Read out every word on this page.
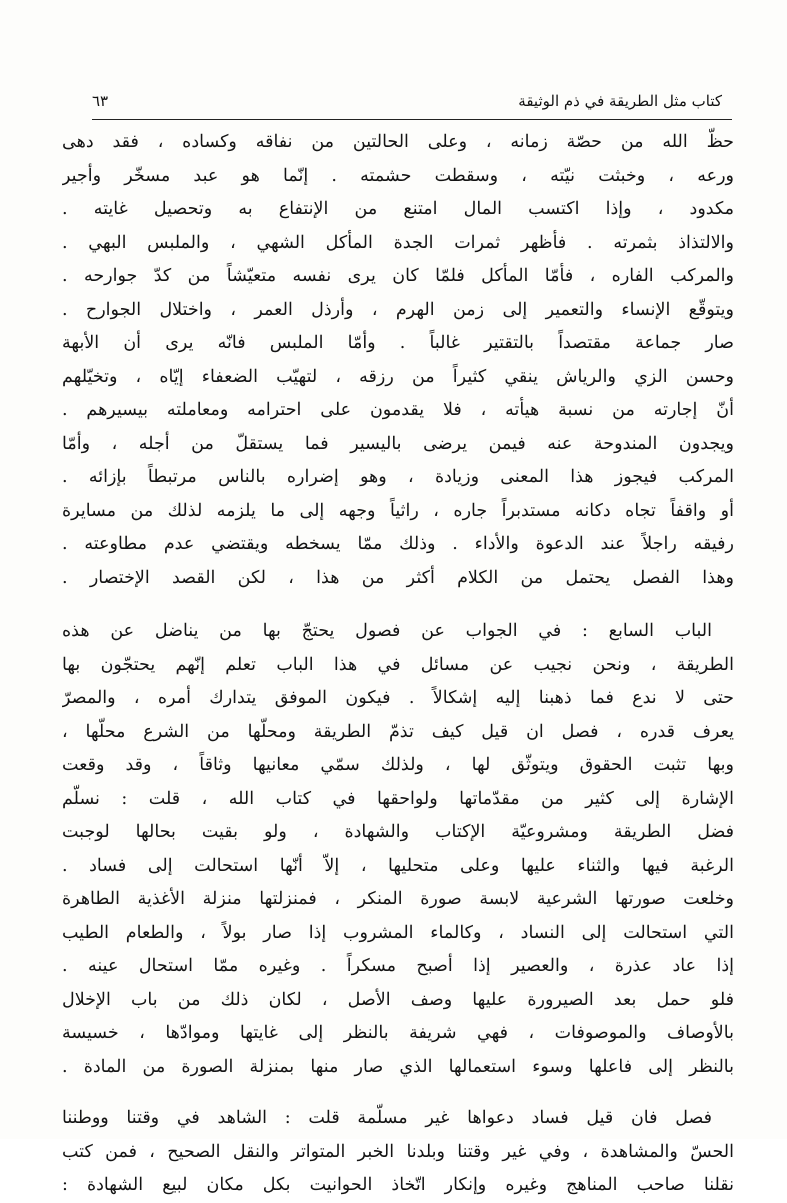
كتاب مثل الطريقة في ذم الوثيقة
٦٣
حظّ الله من حصّة زمانه ، وعلى الحالتين من نفاقه وكساده ، فقد دهى
ورعه ، وخبثت نيّته ، وسقطت حشمته . إنّما هو عبد مسخّر وأجير
مكدود ، وإذا اكتسب المال امتنع من الإنتفاع به وتحصيل غايته .
والالتذاذ بثمرته . فأظهر ثمرات الجدة المأكل الشهي ، والملبس البهي .
والمركب الفاره ، فأمّا المأكل فلمّا كان يرى نفسه متعيّشاً من كدّ جوارحه .
ويتوقّع الإنساء والتعمير إلى زمن الهرم ، وأرذل العمر ، واختلال الجوارح .
صار جماعة مقتصداً بالتقتير غالباً . وأمّا الملبس فانّه يرى أن الأبهة
وحسن الزي والرياش ينقي كثيراً من رزقه ، لتهيّب الضعفاء إيّاه ، وتخيّلهم
أنّ إجارته من نسبة هيأته ، فلا يقدمون على احترامه ومعاملته بيسيرهم .
ويجدون المندوحة عنه فيمن يرضى باليسير فما يستقلّ من أجله ، وأمّا
المركب فيجوز هذا المعنى وزيادة ، وهو إضراره بالناس مرتبطاً بإزائه .
أو واقفاً تجاه دكانه مستدبراً جاره ، راثياً وجهه إلى ما يلزمه لذلك من مسايرة
رفيقه راجلاً عند الدعوة والأداء . وذلك ممّا يسخطه ويقتضي عدم مطاوعته .
وهذا الفصل يحتمل من الكلام أكثر من هذا ، لكن القصد الإختصار .
الباب السابع : في الجواب عن فصول يحتجّ بها من يناضل عن هذه
الطريقة ، ونحن نجيب عن مسائل في هذا الباب تعلم إنّهم يحتجّون بها
حتى لا ندع فما ذهبنا إليه إشكالاً . فيكون الموفق يتدارك أمره ، والمصرّ
يعرف قدره ، فصل ان قيل كيف تذمّ الطريقة ومحلّها من الشرع محلّها ،
وبها تثبت الحقوق ويتوثّق لها ، ولذلك سمّي معانيها وثاقاً ، وقد وقعت
الإشارة إلى كثير من مقدّماتها ولواحقها في كتاب الله ، قلت : نسلّم
فضل الطريقة ومشروعيّة الإكتاب والشهادة ، ولو بقيت بحالها لوجبت
الرغبة فيها والثناء عليها وعلى متحليها ، إلاّ أنّها استحالت إلى فساد .
وخلعت صورتها الشرعية لابسة صورة المنكر ، فمنزلتها منزلة الأغذية الطاهرة
التي استحالت إلى النساد ، وكالماء المشروب إذا صار بولاً ، والطعام الطيب
إذا عاد عذرة ، والعصير إذا أصبح مسكراً . وغيره ممّا استحال عينه .
فلو حمل بعد الصيرورة عليها وصف الأصل ، لكان ذلك من باب الإخلال
بالأوصاف والموصوفات ، فهي شريفة بالنظر إلى غايتها وموادّها ، خسيسة
بالنظر إلى فاعلها وسوء استعمالها الذي صار منها بمنزلة الصورة من المادة .
فصل فان قيل فساد دعواها غير مسلّمة قلت : الشاهد في وقتنا ووطننا
الحسّ والمشاهدة ، وفي غير وقتنا وبلدنا الخبر المتواتر والنقل الصحيح ، فمن كتب
نقلنا صاحب المناهج وغيره وإنكار اتّخاذ الحوانيت بكل مكان لبيع الشهادة :
